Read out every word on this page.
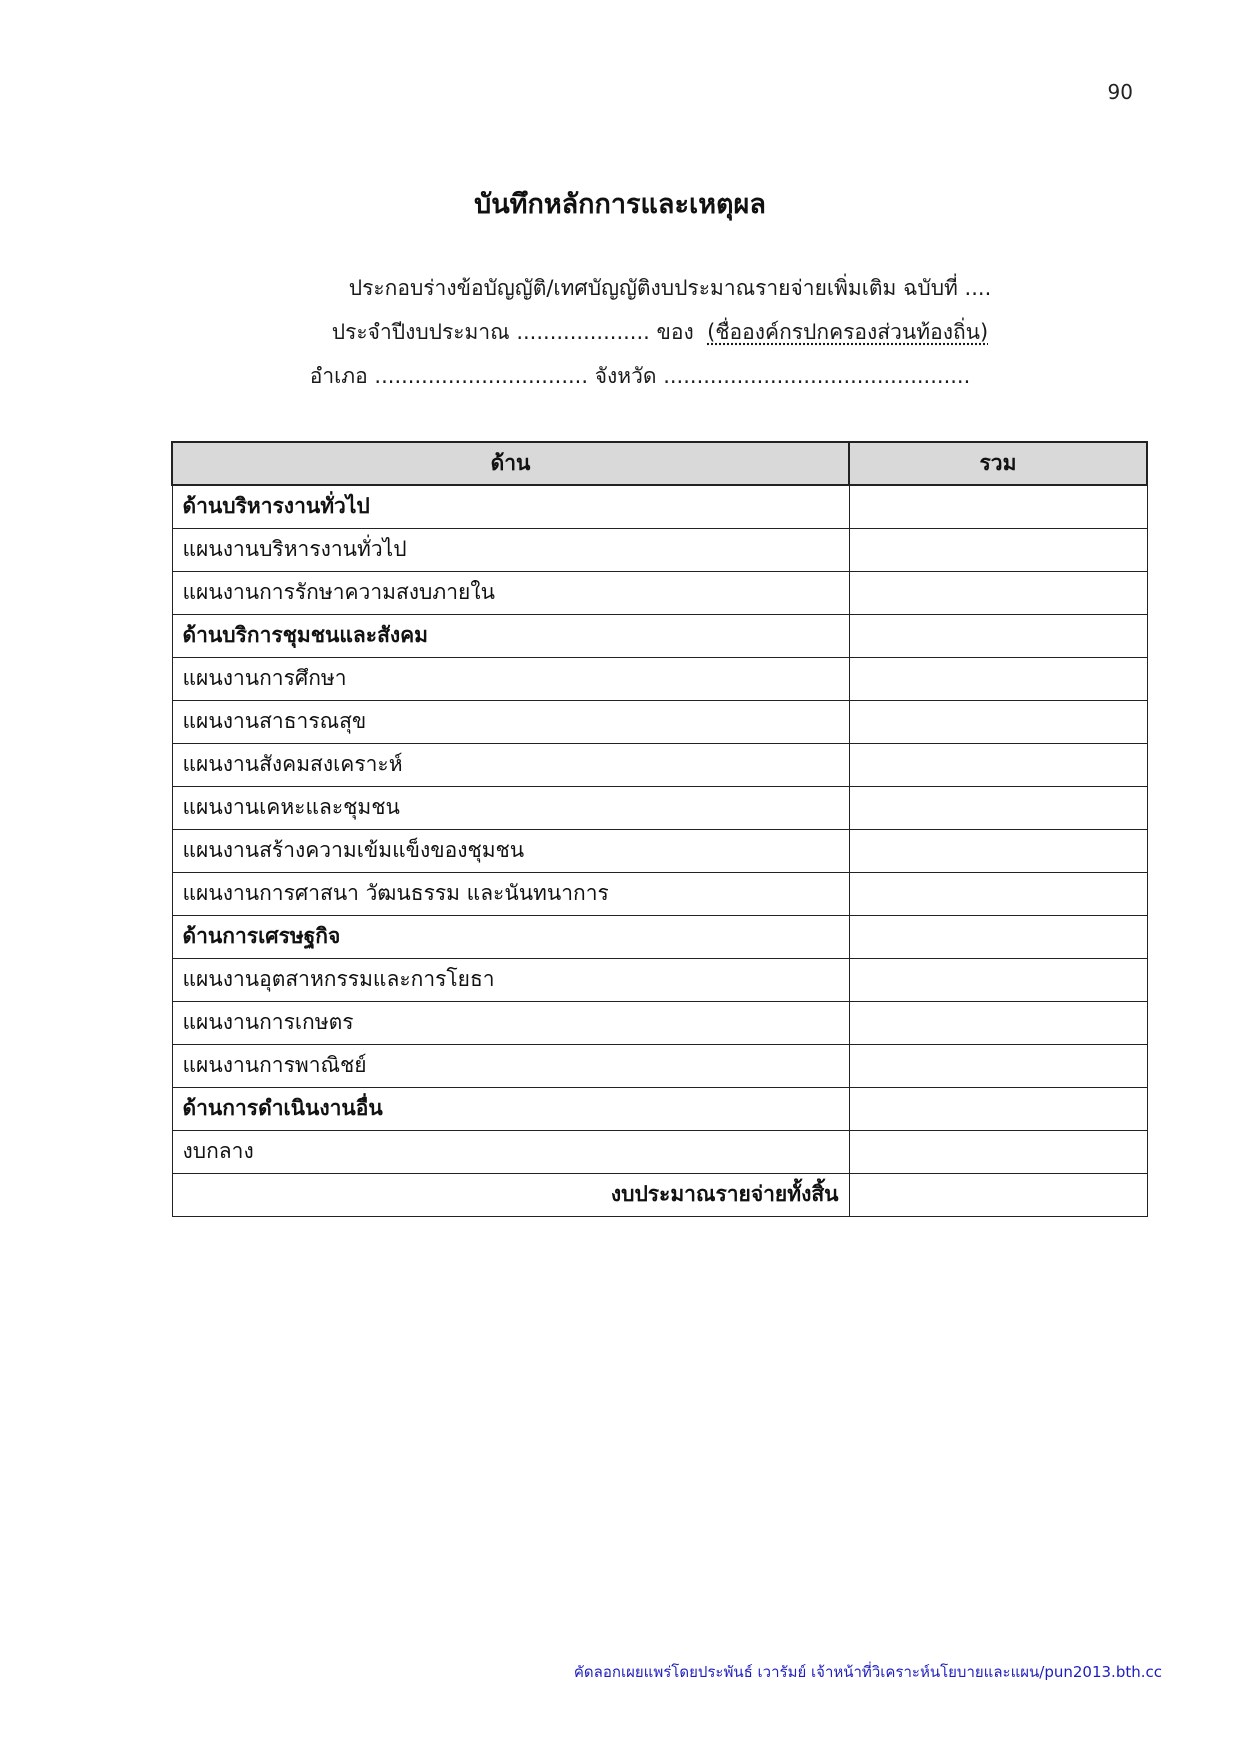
90
บันทึกหลักการและเหตุผล
ประกอบร่างข้อบัญญัติ/เทศบัญญัติงบประมาณรายจ่ายเพิ่มเติม ฉบับที่ ....
ประจำปีงบประมาณ .................... ของ (ชื่อองค์กรปกครองส่วนท้องถิ่น)
อำเภอ ................................ จังหวัด ..............................................
ด้าน	รวม
ด้านบริหารงานทั่วไป	
แผนงานบริหารงานทั่วไป	
แผนงานการรักษาความสงบภายใน	
ด้านบริการชุมชนและสังคม	
แผนงานการศึกษา	
แผนงานสาธารณสุข	
แผนงานสังคมสงเคราะห์	
แผนงานเคหะและชุมชน	
แผนงานสร้างความเข้มแข็งของชุมชน	
แผนงานการศาสนา วัฒนธรรม และนันทนาการ	
ด้านการเศรษฐกิจ	
แผนงานอุตสาหกรรมและการโยธา	
แผนงานการเกษตร	
แผนงานการพาณิชย์	
ด้านการดำเนินงานอื่น	
งบกลาง	
งบประมาณรายจ่ายทั้งสิ้น	
คัดลอกเผยแพร่โดยประพันธ์ เวารัมย์ เจ้าหน้าที่วิเคราะห์นโยบายและแผน/pun2013.bth.cc
